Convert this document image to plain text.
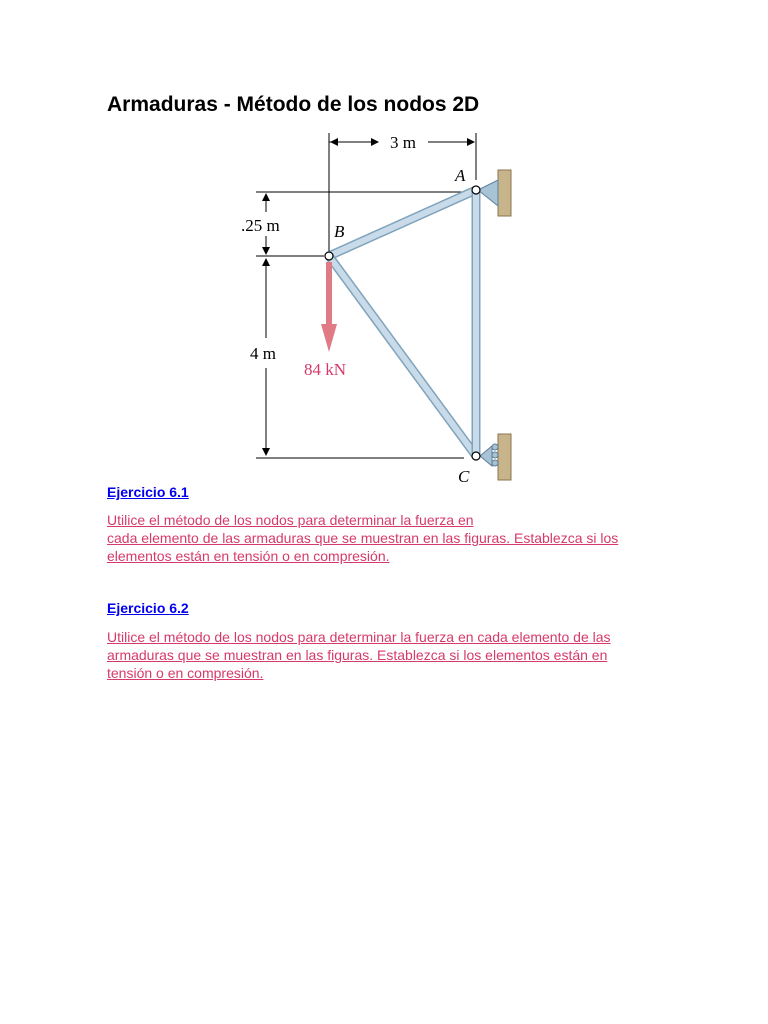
Armaduras - Método de los nodos 2D
3 m
.25 m
4 m
84 kN
A
B
C
Ejercicio 6.1

Utilice el método de los nodos para determinar la fuerza en
cada elemento de las armaduras que se muestran en las figuras. Establezca si los
elementos están en tensión o en compresión.

Ejercicio 6.2

Utilice el método de los nodos para determinar la fuerza en cada elemento de las
armaduras que se muestran en las figuras. Establezca si los elementos están en
tensión o en compresión.
